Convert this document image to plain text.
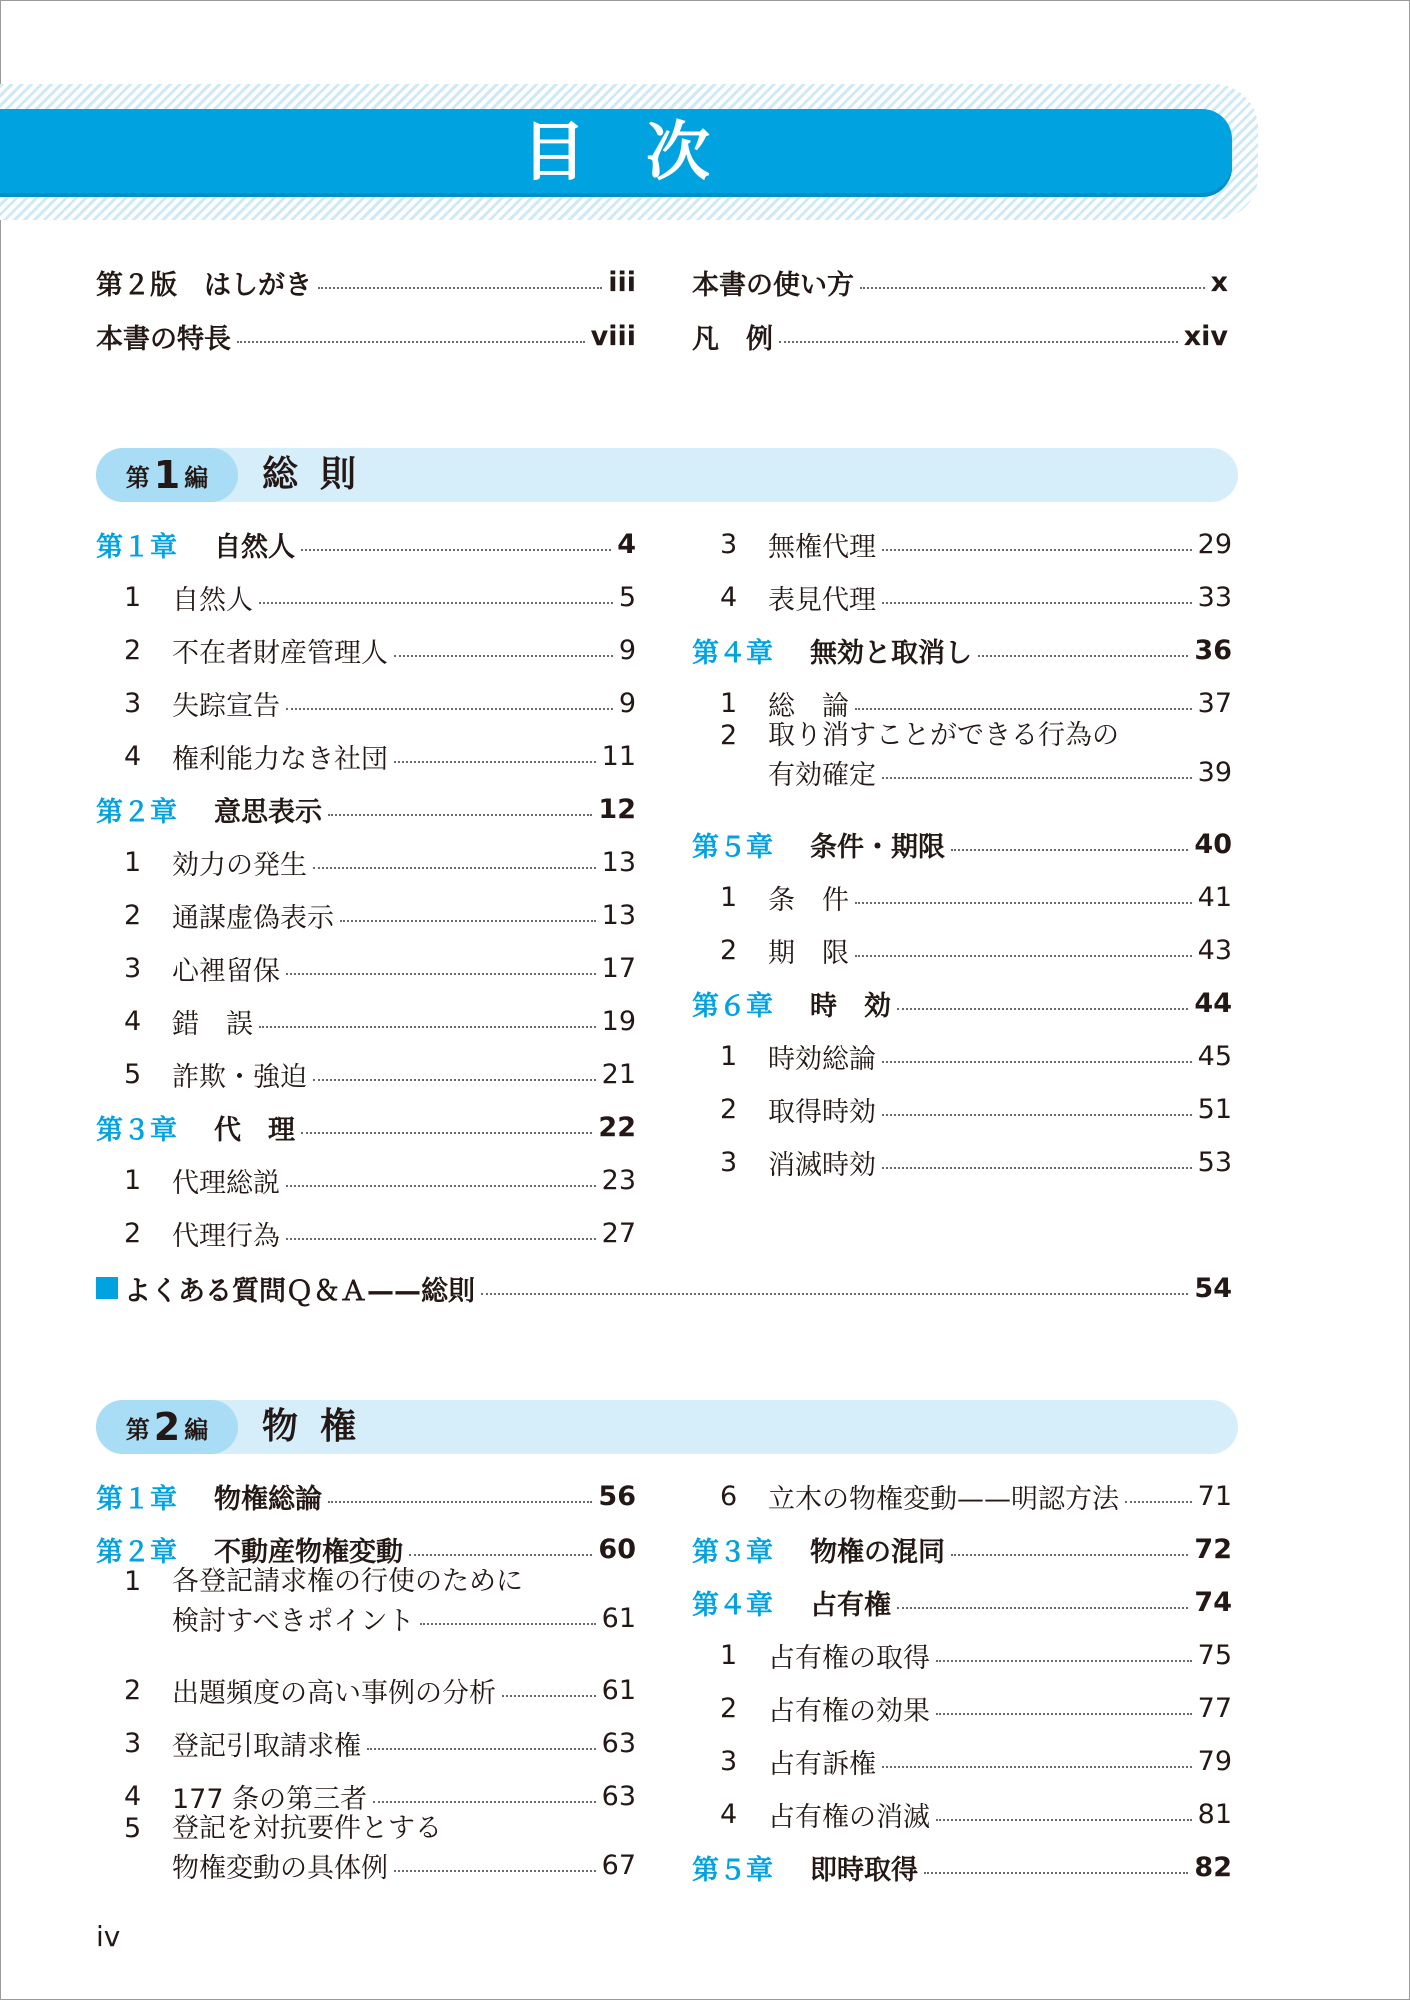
目次
第２版　はしがき	iii 本書の使い方	x
本書の特長	viii 凡　例	xiv
第 1 編 総則
第１章	自然人	4
1	自然人	5
2	不在者財産管理人	9
3	失踪宣告	9
4	権利能力なき社団	11
第２章	意思表示	12
1	効力の発生	13
2	通謀虚偽表示	13
3	心裡留保	17
4	錯　誤	19
5	詐欺・強迫	21
第３章	代　理	22
1	代理総説	23
2	代理行為	27
3	無権代理	29
4	表見代理	33
第４章	無効と取消し	36
1	総　論	37
2 取り消すことができる行為の
有効確定	39
第５章	条件・期限	40
1	条　件	41
2	期　限	43
第６章	時　効	44
1	時効総論	45
2	取得時効	51
3	消滅時効	53
よくある質問Ｑ＆Ａ——総則	54
第 2 編 物権
第１章	物権総論	56
第２章	不動産物権変動	60
1 各登記請求権の行使のために
検討すべきポイント	61
2	出題頻度の高い事例の分析	61
3	登記引取請求権	63
4	177 条の第三者	63
5 登記を対抗要件とする
物権変動の具体例	67
6	立木の物権変動——明認方法	71
第３章	物権の混同	72
第４章	占有権	74
1	占有権の取得	75
2	占有権の効果	77
3	占有訴権	79
4	占有権の消滅	81
第５章	即時取得	82
iv
